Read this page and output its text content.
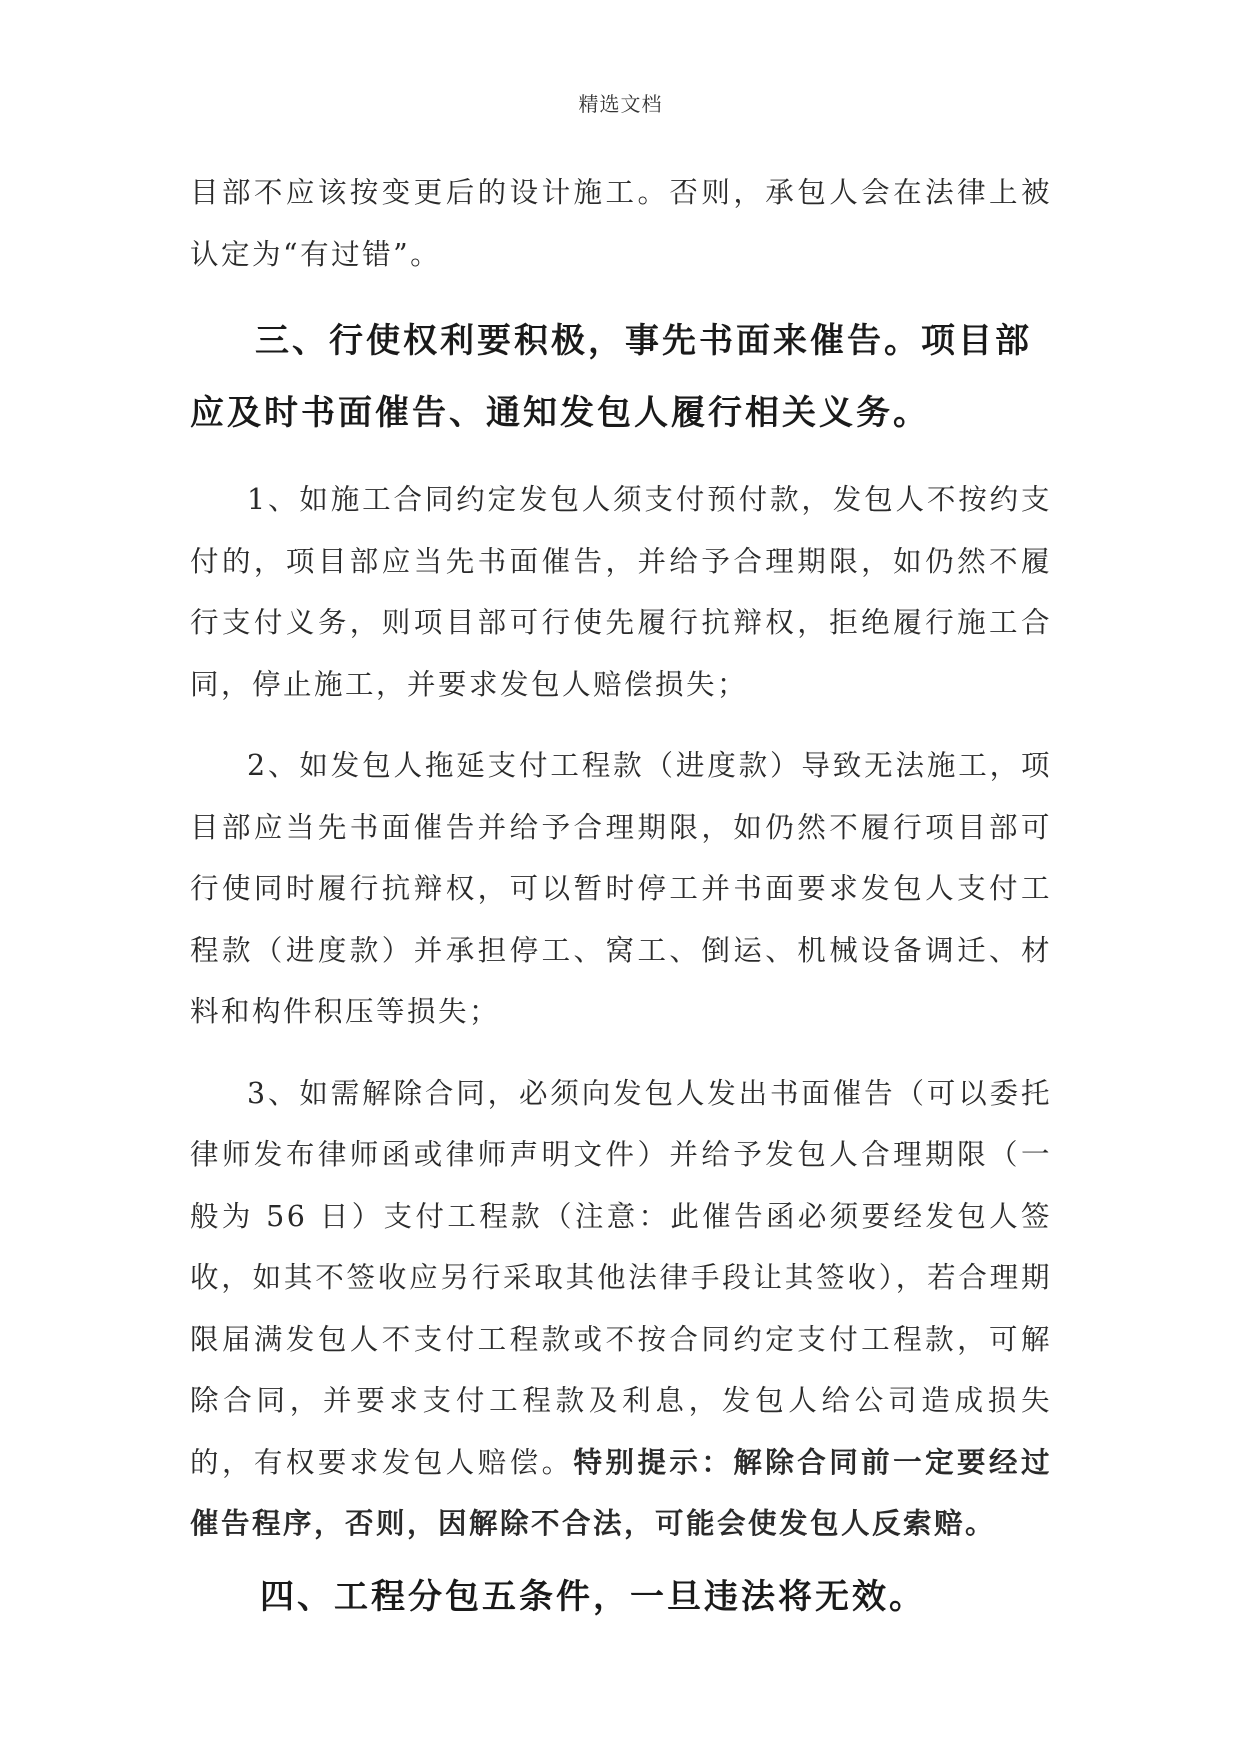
精选文档

目部不应该按变更后的设计施工。否则，承包人会在法律上被认定为“有过错”。

三、行使权利要积极，事先书面来催告。项目部应及时书面催告、通知发包人履行相关义务。

1、如施工合同约定发包人须支付预付款，发包人不按约支付的，项目部应当先书面催告，并给予合理期限，如仍然不履行支付义务，则项目部可行使先履行抗辩权，拒绝履行施工合同，停止施工，并要求发包人赔偿损失；

2、如发包人拖延支付工程款（进度款）导致无法施工，项目部应当先书面催告并给予合理期限，如仍然不履行项目部可行使同时履行抗辩权，可以暂时停工并书面要求发包人支付工程款（进度款）并承担停工、窝工、倒运、机械设备调迁、材料和构件积压等损失；

3、如需解除合同，必须向发包人发出书面催告（可以委托律师发布律师函或律师声明文件）并给予发包人合理期限（一般为 56 日）支付工程款（注意：此催告函必须要经发包人签收，如其不签收应另行采取其他法律手段让其签收），若合理期限届满发包人不支付工程款或不按合同约定支付工程款，可解除合同，并要求支付工程款及利息，发包人给公司造成损失的，有权要求发包人赔偿。特别提示：解除合同前一定要经过催告程序，否则，因解除不合法，可能会使发包人反索赔。

四、工程分包五条件，一旦违法将无效。
